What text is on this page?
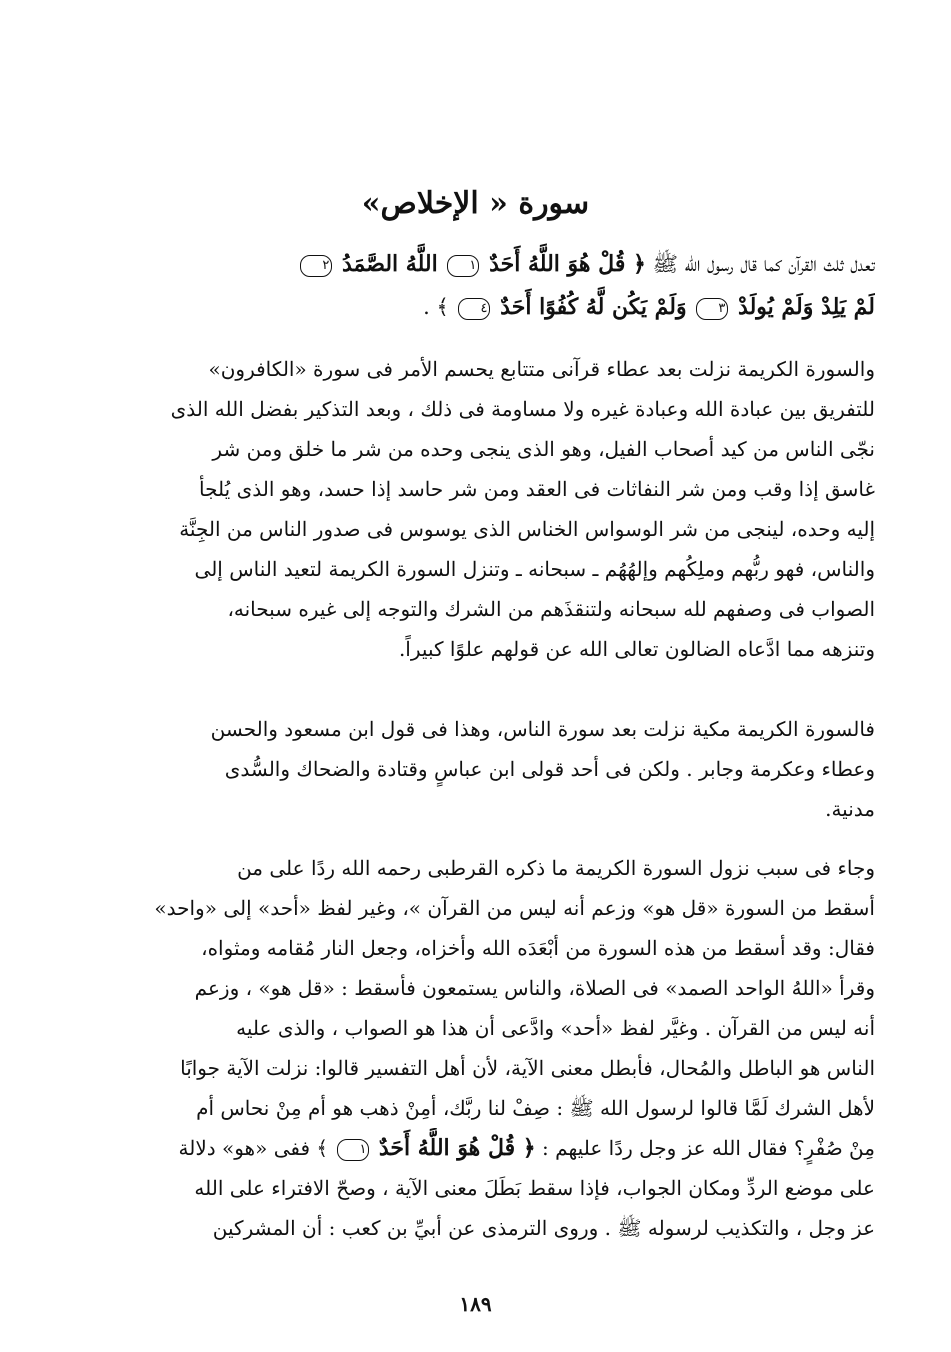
سورة « الإخلاص»
تعدل ثلث القرآن كما قال رسول الله ﷺ ﴿ قُلْ هُوَ اللَّهُ أَحَدٌ ١ اللَّهُ الصَّمَدُ ٢
لَمْ يَلِدْ وَلَمْ يُولَدْ ٣ وَلَمْ يَكُن لَّهُ كُفُوًا أَحَدٌ ٤ ﴾ .
والسورة الكريمة نزلت بعد عطاء قرآنى متتابع يحسم الأمر فى سورة «الكافرون»
للتفريق بين عبادة الله وعبادة غيره ولا مساومة فى ذلك ، وبعد التذكير بفضل الله الذى
نجّى الناس من كيد أصحاب الفيل، وهو الذى ينجى وحده من شر ما خلق ومن شر
غاسق إذا وقب ومن شر النفاثات فى العقد ومن شر حاسد إذا حسد، وهو الذى يُلجأ
إليه وحده، لينجى من شر الوسواس الخناس الذى يوسوس فى صدور الناس من الجِنَّة
والناس، فهو ربُّهم وملِكُهم وإلهُهُم ـ سبحانه ـ وتنزل السورة الكريمة لتعيد الناس إلى
الصواب فى وصفهم لله سبحانه ولتنقذَهم من الشرك والتوجه إلى غيره سبحانه،
وتنزهه مما ادَّعاه الضالون تعالى الله عن قولهم علوًا كبيراً.
فالسورة الكريمة مكية نزلت بعد سورة الناس، وهذا فى قول ابن مسعود والحسن
وعطاء وعكرمة وجابر . ولكن فى أحد قولى ابن عباسٍ وقتادة والضحاك والسُّدى
مدنية.
وجاء فى سبب نزول السورة الكريمة ما ذكره القرطبى رحمه الله ردًا على من
أسقط من السورة «قل هو» وزعم أنه ليس من القرآن »، وغير لفظ «أحد» إلى «واحد»
فقال: وقد أسقط من هذه السورة من أبْعَدَه الله وأخزاه، وجعل النار مُقامه ومثواه،
وقرأ «اللهُ الواحد الصمد» فى الصلاة، والناس يستمعون فأسقط : «قل هو» ، وزعم
أنه ليس من القرآن . وغيَّر لفظ «أحد» وادَّعى أن هذا هو الصواب ، والذى عليه
الناس هو الباطل والمُحال، فأبطل معنى الآية، لأن أهل التفسير قالوا: نزلت الآية جوابًا
لأهل الشرك لَمَّا قالوا لرسول الله ﷺ : صِفْ لنا ربَّك، أمِنْ ذهب هو أم مِنْ نحاس أم
مِنْ صُفْرٍ؟ فقال الله عز وجل ردًا عليهم : ﴿ قُلْ هُوَ اللَّهُ أَحَدٌ ١ ﴾ ففى «هو» دلالة
على موضع الردِّ ومكان الجواب، فإذا سقط بَطَلَ معنى الآية ، وصحّ الافتراء على الله
عز وجل ، والتكذيب لرسوله ﷺ . وروى الترمذى عن أبيِّ بن كعب : أن المشركين
١٨٩
